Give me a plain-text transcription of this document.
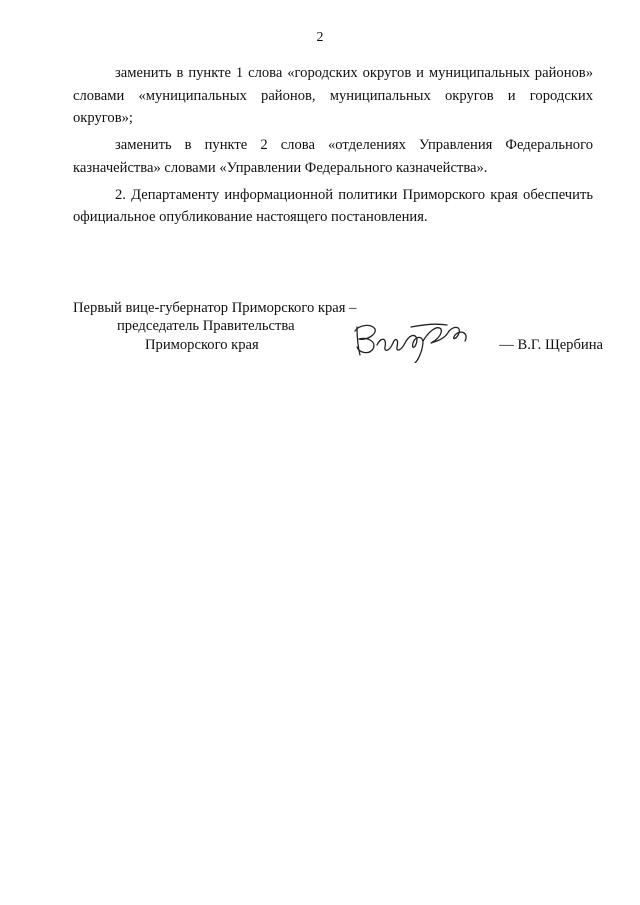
2

заменить в пункте 1 слова «городских округов и муниципальных районов» словами «муниципальных районов, муниципальных округов и городских округов»;

заменить в пункте 2 слова «отделениях Управления Федерального казначейства» словами «Управлении Федерального казначейства».

2. Департаменту информационной политики Приморского края обеспечить официальное опубликование настоящего постановления.

Первый вице-губернатор Приморского края –
председатель Правительства
Приморского края	— В.Г. Щербина
